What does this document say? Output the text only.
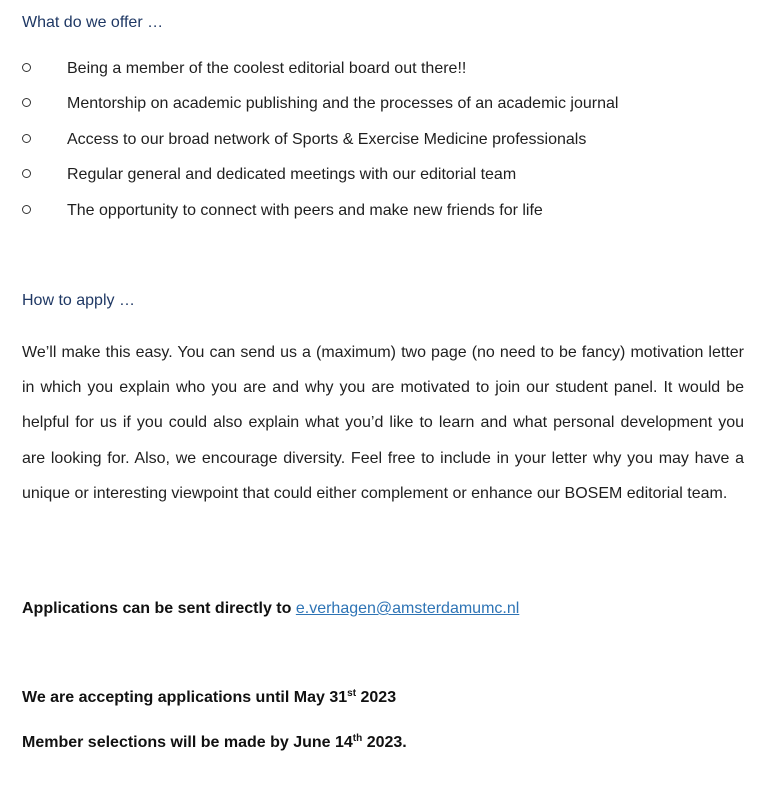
What do we offer …
Being a member of the coolest editorial board out there!!
Mentorship on academic publishing and the processes of an academic journal
Access to our broad network of Sports & Exercise Medicine professionals
Regular general and dedicated meetings with our editorial team
The opportunity to connect with peers and make new friends for life
How to apply …

We’ll make this easy. You can send us a (maximum) two page (no need to be fancy) motivation letter in which you explain who you are and why you are motivated to join our student panel. It would be helpful for us if you could also explain what you’d like to learn and what personal development you are looking for. Also, we encourage diversity. Feel free to include in your letter why you may have a unique or interesting viewpoint that could either complement or enhance our BOSEM editorial team.

Applications can be sent directly to e.verhagen@amsterdamumc.nl
We are accepting applications until May 31st 2023
Member selections will be made by June 14th 2023.
